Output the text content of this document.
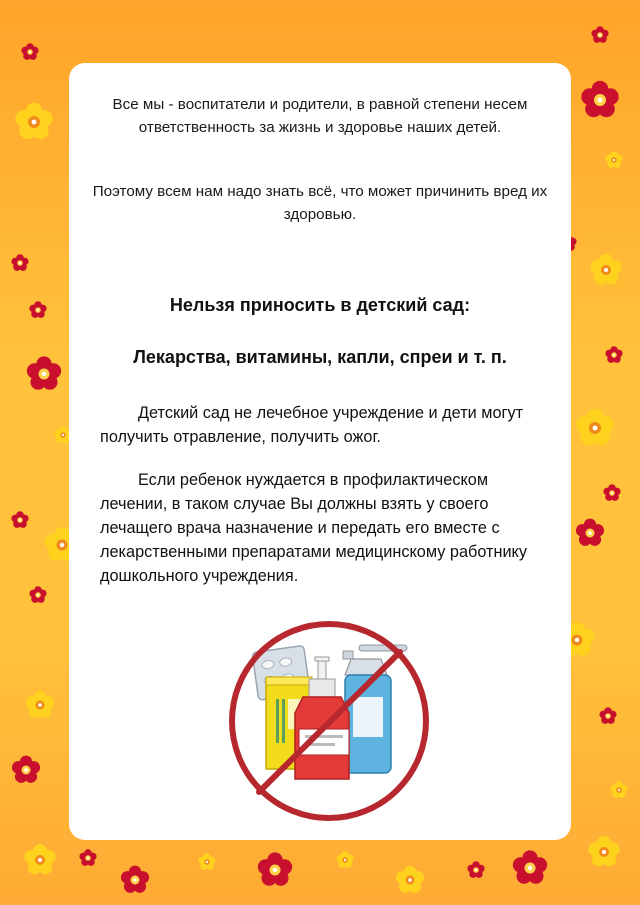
Все мы - воспитатели и родители, в равной степени несем ответственность за жизнь и здоровье наших детей.
Поэтому всем нам надо знать всё, что может причинить вред их здоровью.
Нельзя приносить в детский сад:
Лекарства, витамины, капли, спреи и т. п.
Детский сад не лечебное учреждение и дети могут получить отравление, получить ожог.
Если ребенок нуждается в профилактическом лечении, в таком случае Вы должны взять у своего лечащего врача назначение и передать его вместе с лекарственными препаратами медицинскому работнику дошкольного учреждения.
